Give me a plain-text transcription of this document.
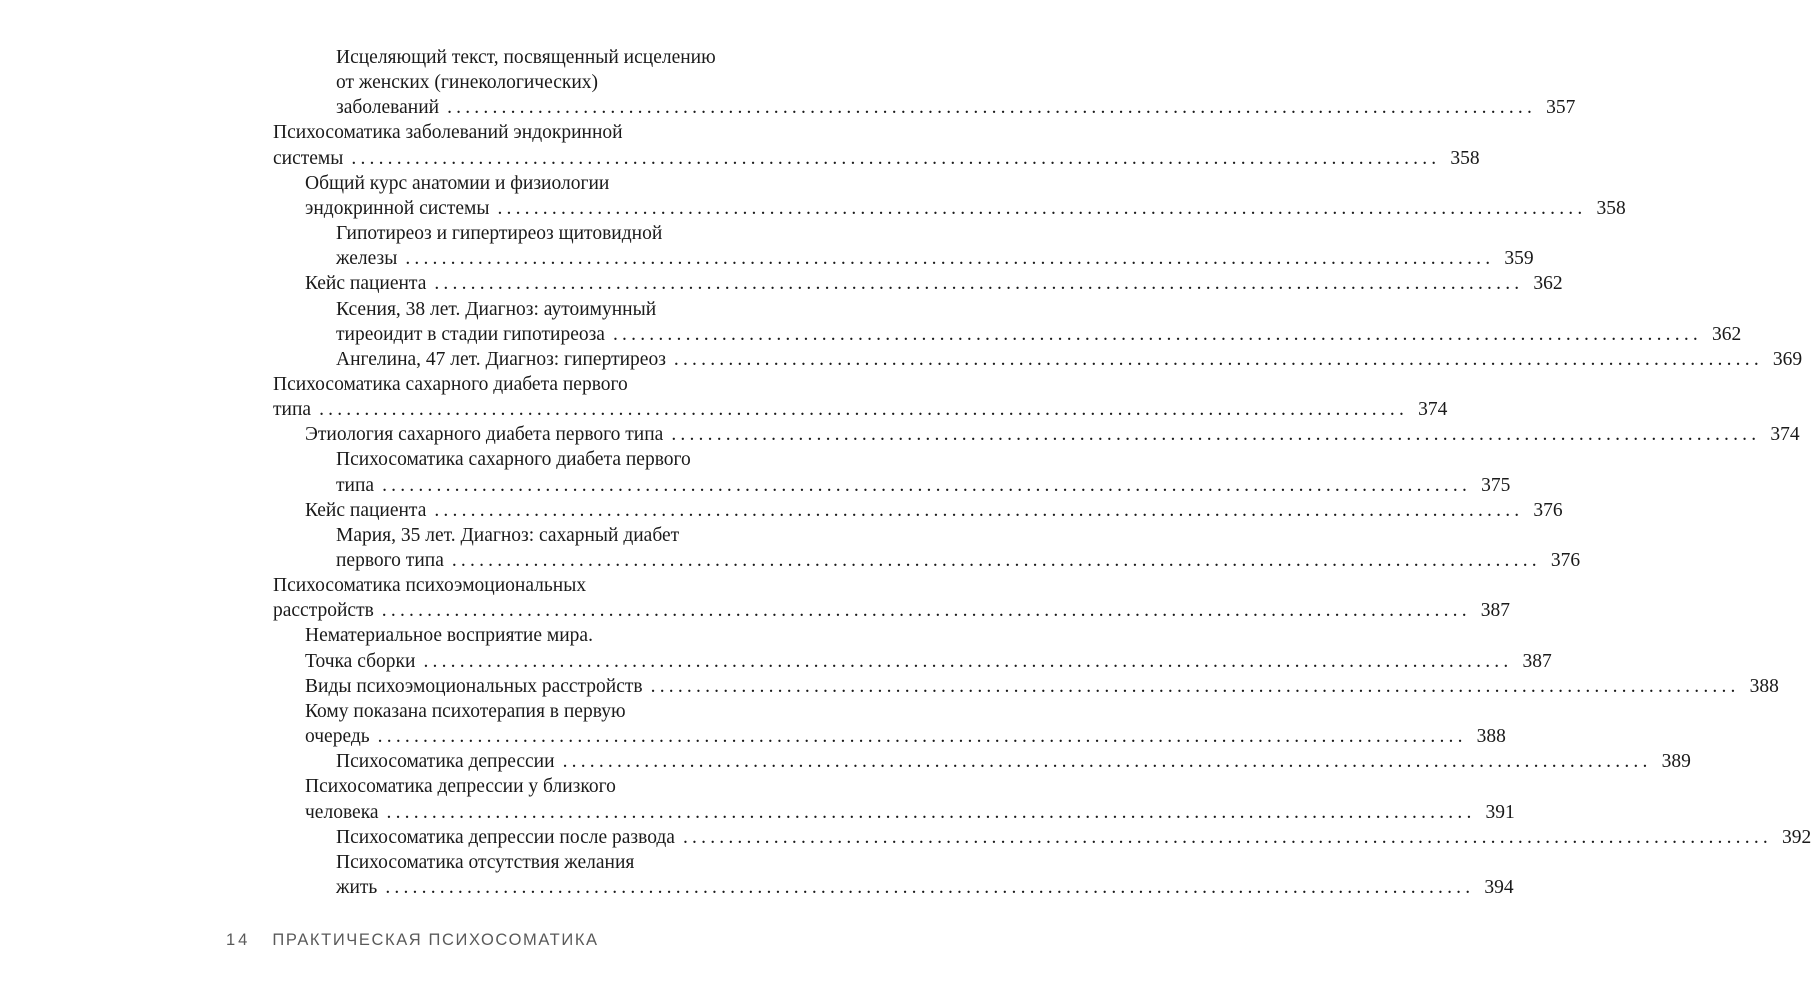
Исцеляющий текст, посвященный исцелению
от женских (гинекологических)
заболеваний ........................................................................................................................ 357
Психосоматика заболеваний эндокринной
системы ........................................................................................................................ 358
Общий курс анатомии и физиологии
эндокринной системы ........................................................................................................................ 358
Гипотиреоз и гипертиреоз щитовидной
железы ........................................................................................................................ 359
Кейс пациента ........................................................................................................................ 362
Ксения, 38 лет. Диагноз: аутоимунный
тиреоидит в стадии гипотиреоза ........................................................................................................................ 362
Ангелина, 47 лет. Диагноз: гипертиреоз ........................................................................................................................ 369
Психосоматика сахарного диабета первого
типа ........................................................................................................................ 374
Этиология сахарного диабета первого типа ........................................................................................................................ 374
Психосоматика сахарного диабета первого
типа ........................................................................................................................ 375
Кейс пациента ........................................................................................................................ 376
Мария, 35 лет. Диагноз: сахарный диабет
первого типа ........................................................................................................................ 376
Психосоматика психоэмоциональных
расстройств ........................................................................................................................ 387
Нематериальное восприятие мира.
Точка сборки ........................................................................................................................ 387
Виды психоэмоциональных расстройств ........................................................................................................................ 388
Кому показана психотерапия в первую
очередь ........................................................................................................................ 388
Психосоматика депрессии ........................................................................................................................ 389
Психосоматика депрессии у близкого
человека ........................................................................................................................ 391
Психосоматика депрессии после развода ........................................................................................................................ 392
Психосоматика отсутствия желания
жить ........................................................................................................................ 394
14 ПРАКТИЧЕСКАЯ ПСИХОСОМАТИКА
